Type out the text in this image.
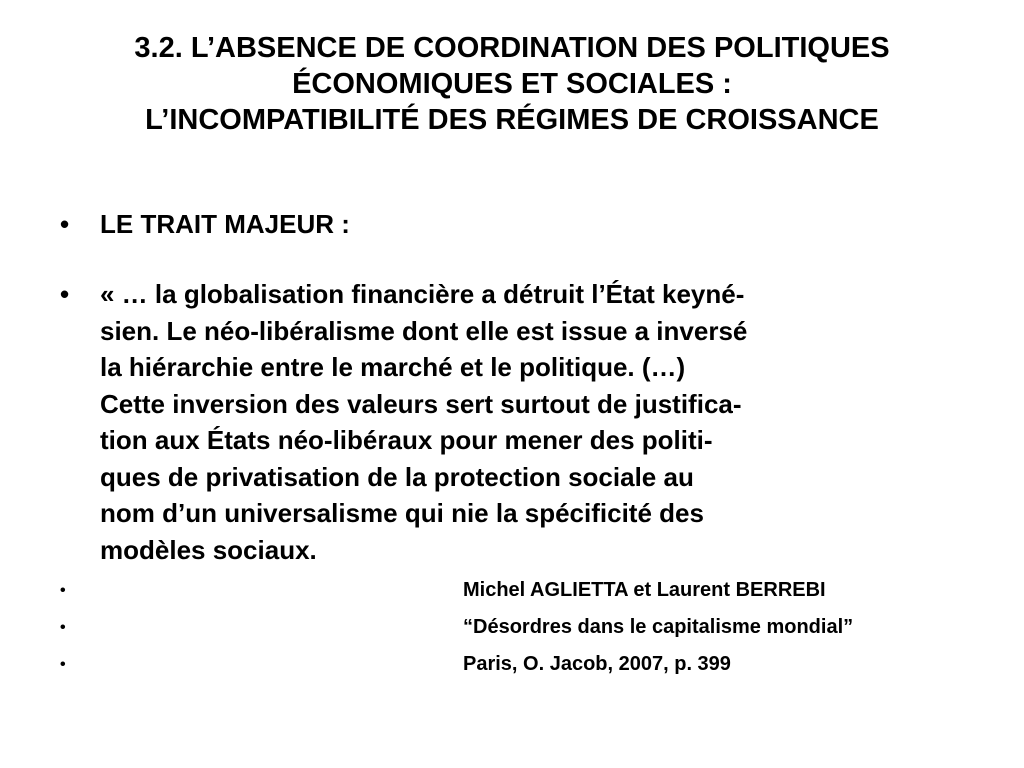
3.2. L’ABSENCE DE COORDINATION DES POLITIQUES
ÉCONOMIQUES ET SOCIALES :
L’INCOMPATIBILITÉ DES RÉGIMES DE CROISSANCE
• LE TRAIT MAJEUR :
• « … la globalisation financière a détruit l’État keyné-
sien. Le néo-libéralisme dont elle est issue a inversé
la hiérarchie entre le marché et le politique. (…)
Cette inversion des valeurs sert surtout de justifica-
tion aux États néo-libéraux pour mener des politi-
ques de privatisation de la protection sociale au
nom d’un universalisme qui nie la spécificité des
modèles sociaux.
•	Michel AGLIETTA et Laurent BERREBI
•	“Désordres dans le capitalisme mondial”
•	Paris, O. Jacob, 2007, p. 399
